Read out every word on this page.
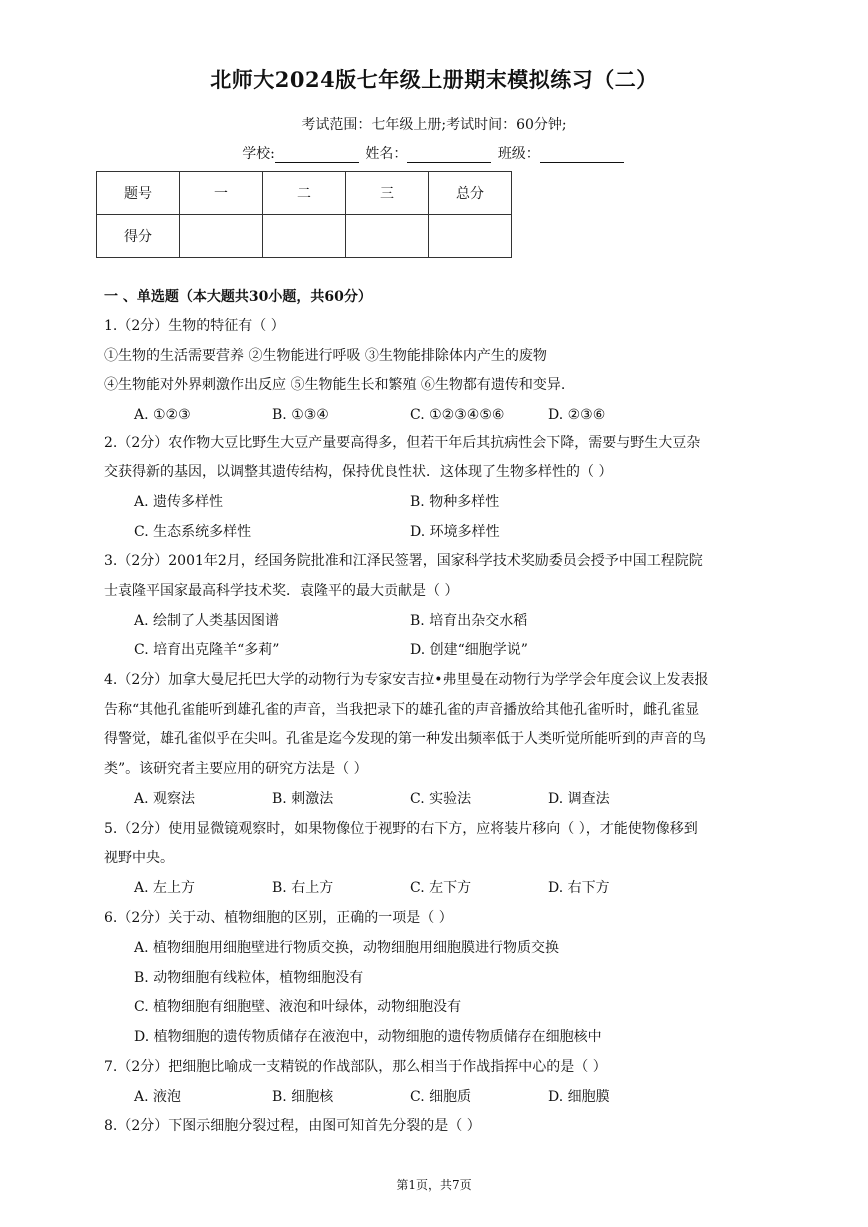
北师大2024版七年级上册期末模拟练习（二）
考试范围：七年级上册;考试时间：60分钟;
学校:	姓名：	班级：
题号	一	二	三	总分
得分				
一 、单选题（本大题共30小题，共60分）
1.（2分）生物的特征有（ ）
①生物的生活需要营养 ②生物能进行呼吸 ③生物能排除体内产生的废物
④生物能对外界刺激作出反应 ⑤生物能生长和繁殖 ⑥生物都有遗传和变异.
A. ①②③	B. ①③④	C. ①②③④⑤⑥	D. ②③⑥
2.（2分）农作物大豆比野生大豆产量要高得多，但若干年后其抗病性会下降，需要与野生大豆杂
交获得新的基因，以调整其遗传结构，保持优良性状．这体现了生物多样性的（ ）
A. 遗传多样性	B. 物种多样性
C. 生态系统多样性	D. 环境多样性
3.（2分）2001年2月，经国务院批准和江泽民签署，国家科学技术奖励委员会授予中国工程院院
士袁隆平国家最高科学技术奖．袁隆平的最大贡献是（ ）
A. 绘制了人类基因图谱	B. 培育出杂交水稻
C. 培育出克隆羊“多莉”	D. 创建“细胞学说”
4.（2分）加拿大曼尼托巴大学的动物行为专家安吉拉•弗里曼在动物行为学学会年度会议上发表报
告称“其他孔雀能听到雄孔雀的声音，当我把录下的雄孔雀的声音播放给其他孔雀听时，雌孔雀显
得警觉，雄孔雀似乎在尖叫。孔雀是迄今发现的第一种发出频率低于人类听觉所能听到的声音的鸟
类”。该研究者主要应用的研究方法是（ ）
A. 观察法	B. 刺激法	C. 实验法	D. 调查法
5.（2分）使用显微镜观察时，如果物像位于视野的右下方，应将装片移向（ ），才能使物像移到
视野中央。
A. 左上方	B. 右上方	C. 左下方	D. 右下方
6.（2分）关于动、植物细胞的区别，正确的一项是（ ）
A. 植物细胞用细胞壁进行物质交换，动物细胞用细胞膜进行物质交换
B. 动物细胞有线粒体，植物细胞没有
C. 植物细胞有细胞壁、液泡和叶绿体，动物细胞没有
D. 植物细胞的遗传物质储存在液泡中，动物细胞的遗传物质储存在细胞核中
7.（2分）把细胞比喻成一支精锐的作战部队，那么相当于作战指挥中心的是（ ）
A. 液泡	B. 细胞核	C. 细胞质	D. 细胞膜
8.（2分）下图示细胞分裂过程，由图可知首先分裂的是（ ）
第1页，共7页
